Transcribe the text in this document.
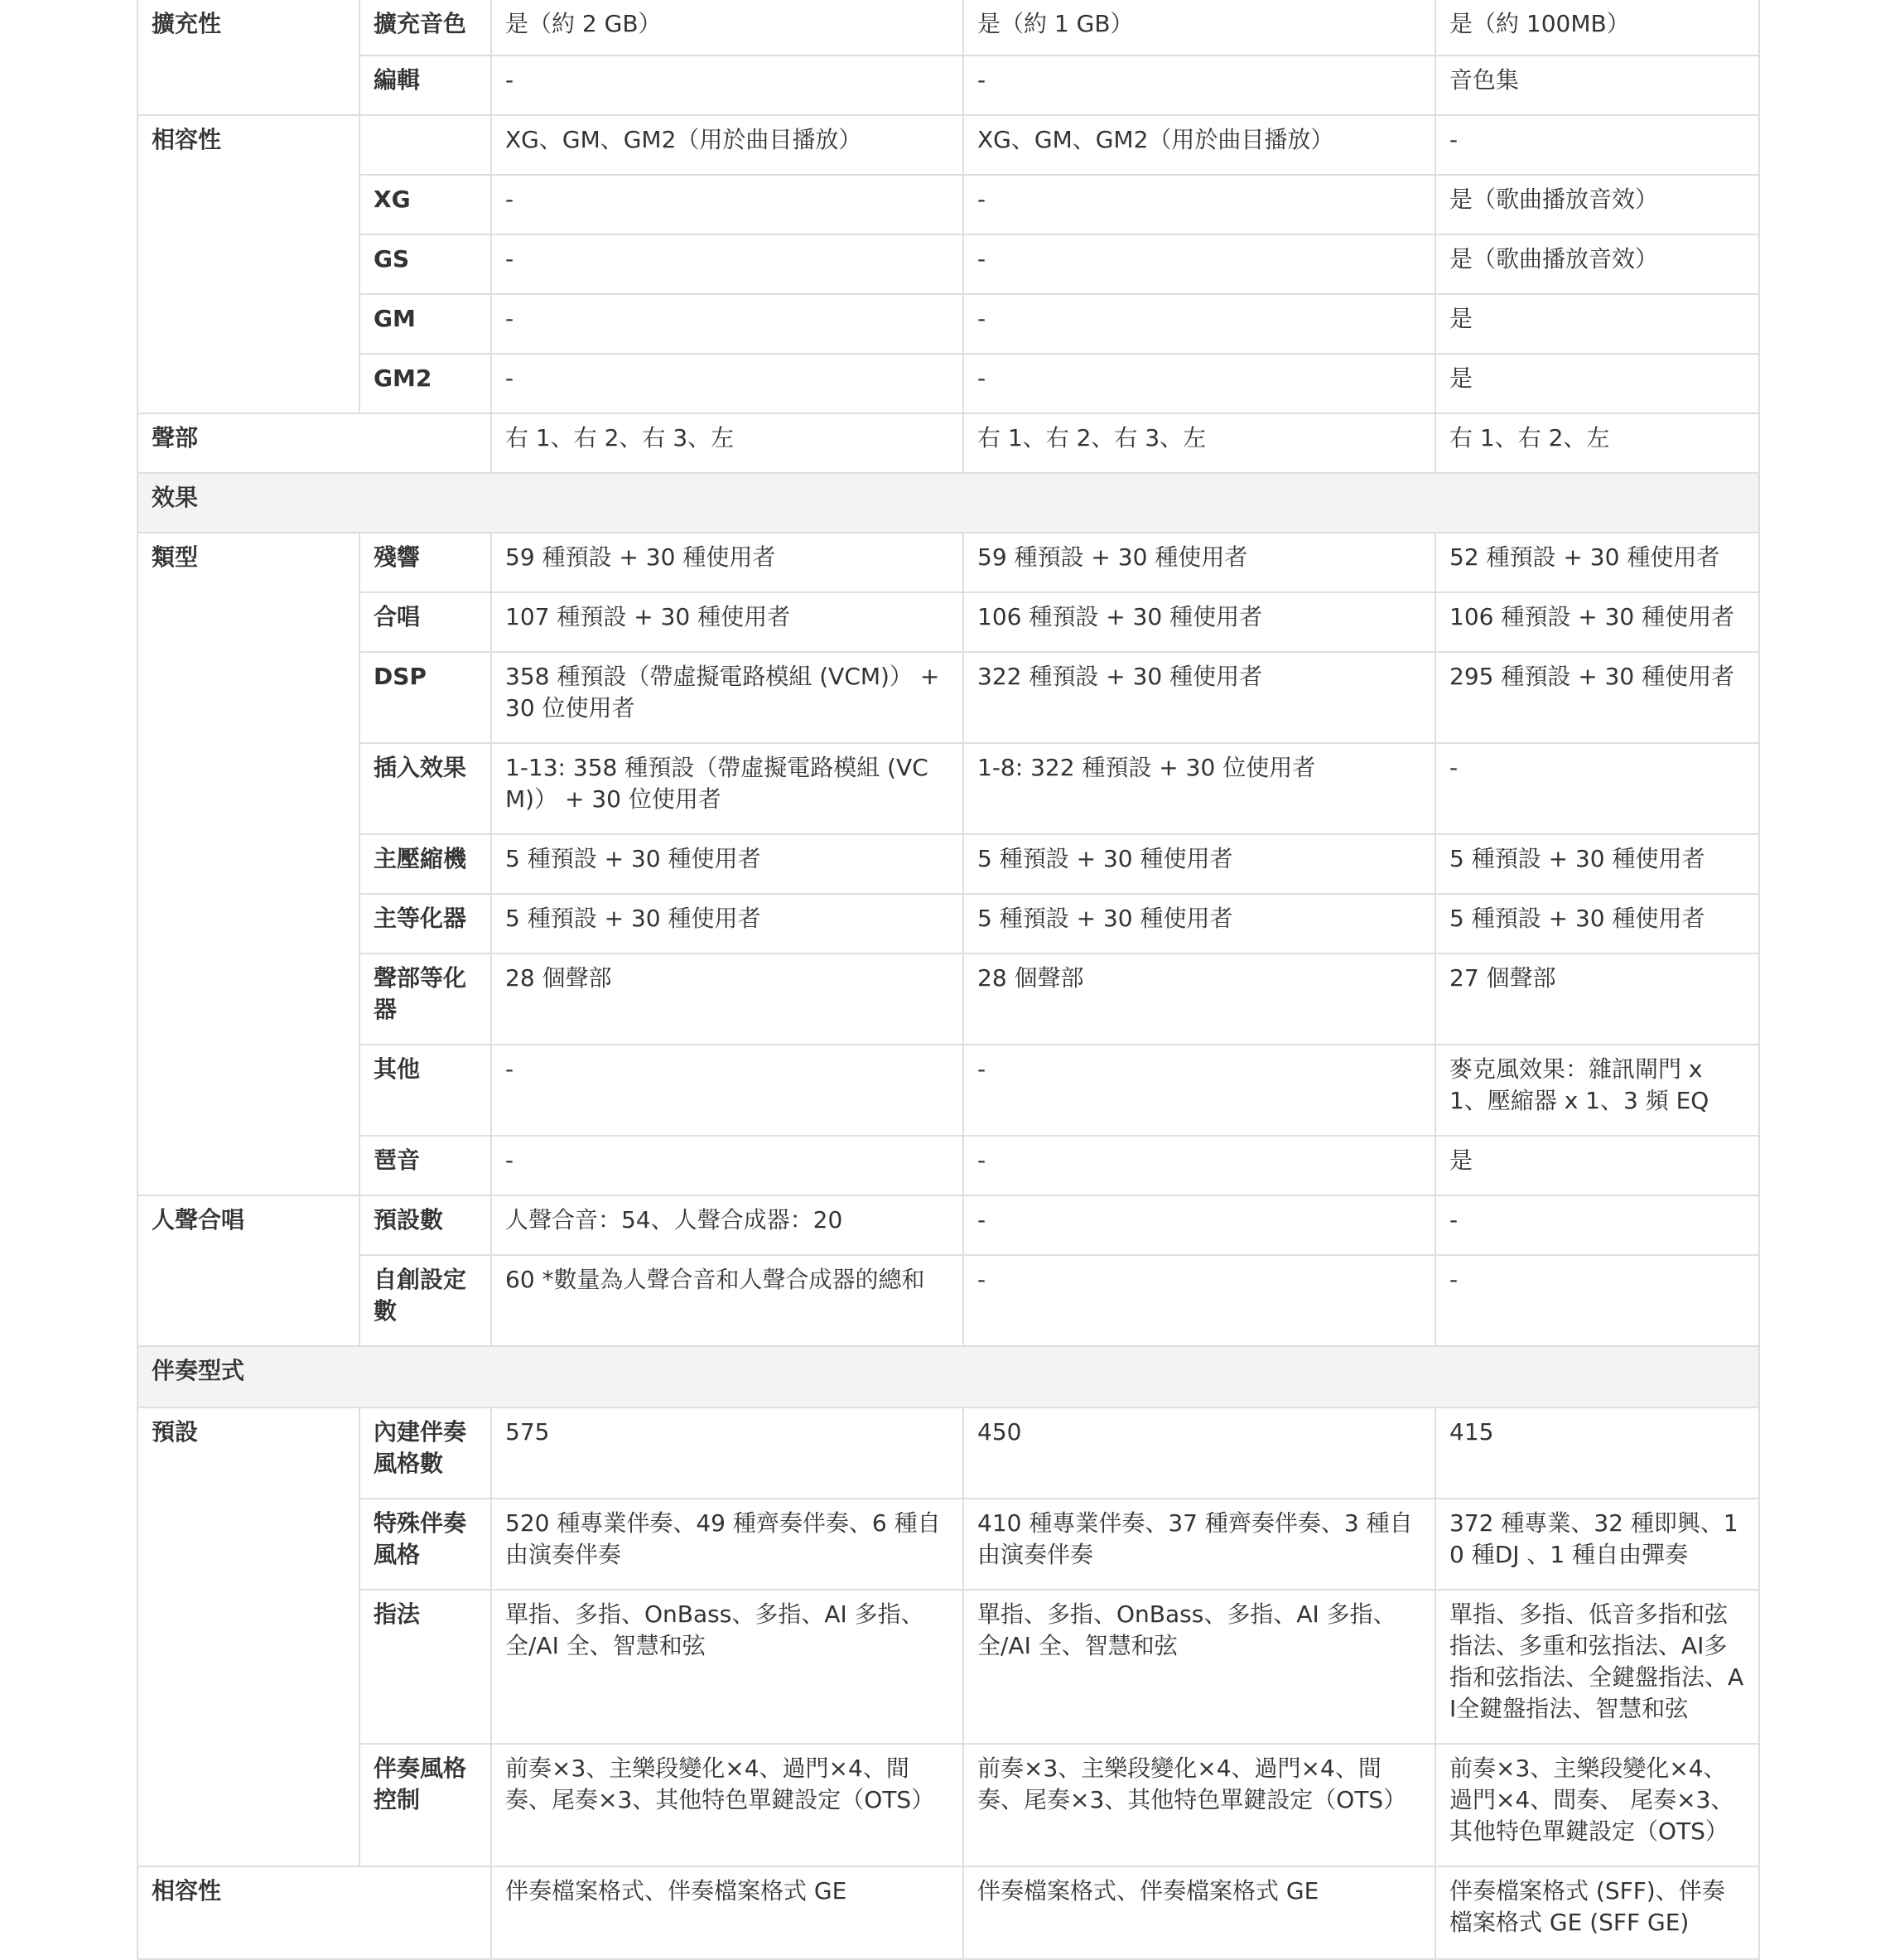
擴充性	擴充音色	是（約 2 GB）	是（約 1 GB）	是（約 100MB）
	編輯	-	-	音色集
相容性		XG、GM、GM2（用於曲目播放）	XG、GM、GM2（用於曲目播放）	-
	XG	-	-	是（歌曲播放音效）
	GS	-	-	是（歌曲播放音效）
	GM	-	-	是
	GM2	-	-	是
聲部		右 1、右 2、右 3、左	右 1、右 2、右 3、左	右 1、右 2、左
效果				
類型	殘響	59 種預設 + 30 種使用者	59 種預設 + 30 種使用者	52 種預設 + 30 種使用者
	合唱	107 種預設 + 30 種使用者	106 種預設 + 30 種使用者	106 種預設 + 30 種使用者
	DSP	358 種預設（帶虛擬電路模組 (VCM)） + 30 位使用者	322 種預設 + 30 種使用者	295 種預設 + 30 種使用者
	插入效果	1-13: 358 種預設（帶虛擬電路模組 (VCM)） + 30 位使用者	1-8: 322 種預設 + 30 位使用者	-
	主壓縮機	5 種預設 + 30 種使用者	5 種預設 + 30 種使用者	5 種預設 + 30 種使用者
	主等化器	5 種預設 + 30 種使用者	5 種預設 + 30 種使用者	5 種預設 + 30 種使用者
	聲部等化器	28 個聲部	28 個聲部	27 個聲部
	其他	-	-	麥克風效果：雜訊閘門 x 1、壓縮器 x 1、3 頻 EQ
	琶音	-	-	是
人聲合唱	預設數	人聲合音：54、人聲合成器：20	-	-
	自創設定數	60 *數量為人聲合音和人聲合成器的總和	-	-
伴奏型式				
預設	內建伴奏風格數	575	450	415
	特殊伴奏風格	520 種專業伴奏、49 種齊奏伴奏、6 種自由演奏伴奏	410 種專業伴奏、37 種齊奏伴奏、3 種自由演奏伴奏	372 種專業、32 種即興、10 種DJ 、1 種自由彈奏
	指法	單指、多指、OnBass、多指、AI 多指、全/AI 全、智慧和弦	單指、多指、OnBass、多指、AI 多指、全/AI 全、智慧和弦	單指、多指、低音多指和弦指法、多重和弦指法、AI多指和弦指法、全鍵盤指法、AI全鍵盤指法、智慧和弦
	伴奏風格控制	前奏×3、主樂段變化×4、過門×4、間奏、尾奏×3、其他特色單鍵設定（OTS）	前奏×3、主樂段變化×4、過門×4、間奏、尾奏×3、其他特色單鍵設定（OTS）	前奏×3、主樂段變化×4、過門×4、間奏、 尾奏×3、其他特色單鍵設定（OTS）
相容性		伴奏檔案格式、伴奏檔案格式 GE	伴奏檔案格式、伴奏檔案格式 GE	伴奏檔案格式 (SFF)、伴奏檔案格式 GE (SFF GE)
